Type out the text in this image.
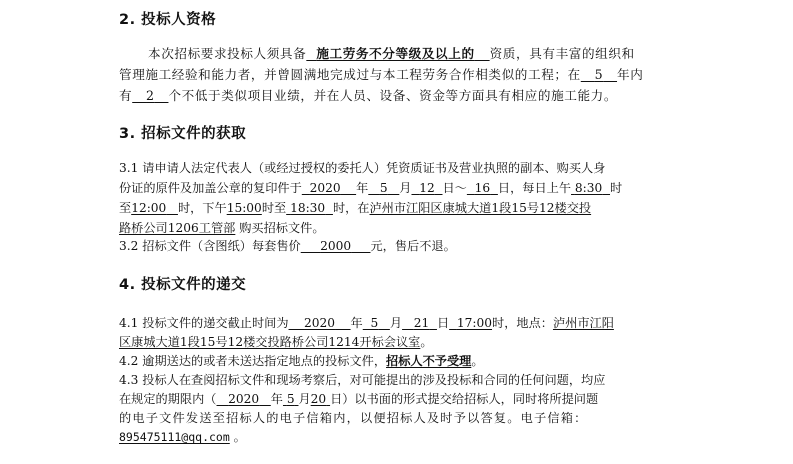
2. 投标人资格
本次招标要求投标人须具备 施工劳务不分等级及以上的 资质，具有丰富的组织和
管理施工经验和能力者，并曾圆满地完成过与本工程劳务合作相类似的工程；在 5 年内
有 2 个不低于类似项目业绩，并在人员、设备、资金等方面具有相应的施工能力。
3. 招标文件的获取
3.1 请申请人法定代表人（或经过授权的委托人）凭资质证书及营业执照的副本、购买人身
份证的原件及加盖公章的复印件于 2020 年 5 月 12 日～ 16 日，每日上午 8:30 时
至12:00 时，下午15:00时至 18:30 时，在泸州市江阳区康城大道1段15号12楼交投
路桥公司1206工管部 购买招标文件。
3.2 招标文件（含图纸）每套售价 2000 元，售后不退。
4. 投标文件的递交
4.1 投标文件的递交截止时间为 2020 年 5 月 21 日 17:00时，地点：泸州市江阳
区康城大道1段15号12楼交投路桥公司1214开标会议室。
4.2 逾期送达的或者未送达指定地点的投标文件，招标人不予受理。
4.3 投标人在查阅招标文件和现场考察后，对可能提出的涉及投标和合同的任何问题，均应
在规定的期限内（ 2020 年 5 月20 日）以书面的形式提交给招标人，同时将所提问题
的电子文件发送至招标人的电子信箱内，以便招标人及时予以答复。电子信箱：
895475111@qq.com 。
